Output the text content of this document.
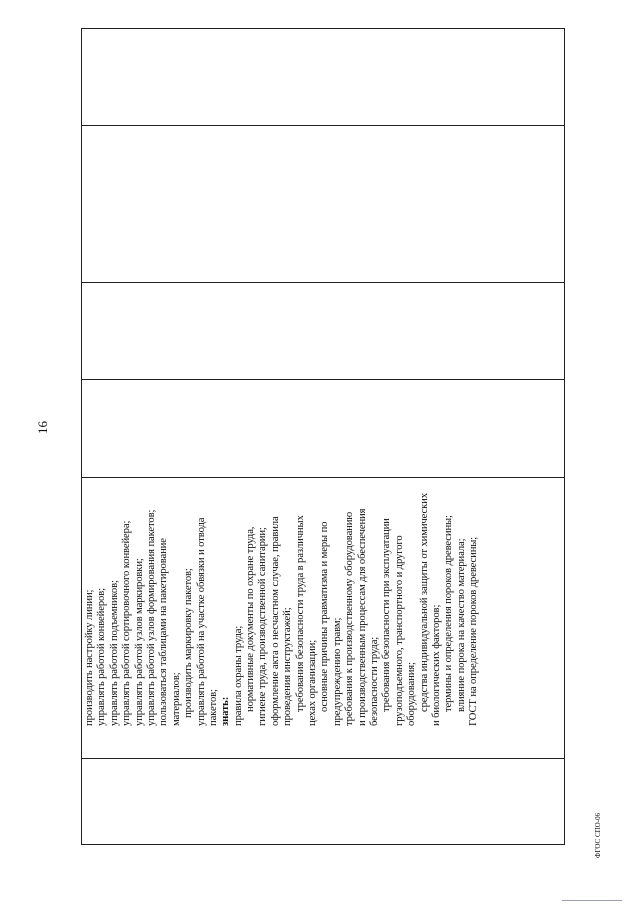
16
ФГОС СПО-06
производить настройку линии; управлять работой конвейеров; управлять работой подъемников; управлять работой сортировочного конвейера; управлять работой узлов маркировки; управлять работой узлов формирования пакетов; пользоваться таблицами на пакетирование материалов; производить маркировку пакетов; управлять работой на участке обвязки и отвода пакетов; знать: правила охраны труда; нормативные документы по охране труда, гигиене труда, производственной санитарии; оформление акта о несчастном случае, правила проведения инструктажей; требования безопасности труда в различных цехах организации; основные причины травматизма и меры по предупреждению травм; требования к производственному оборудованию и производственным процессам для обеспечения безопасности труда; требования безопасности при эксплуатации грузоподъемного, транспортного и другого оборудования; средства индивидуальной защиты от химических и биологических факторов; термины и определения пороков древесины; влияние порока на качество материала; ГОСТ на определение пороков древесины;
